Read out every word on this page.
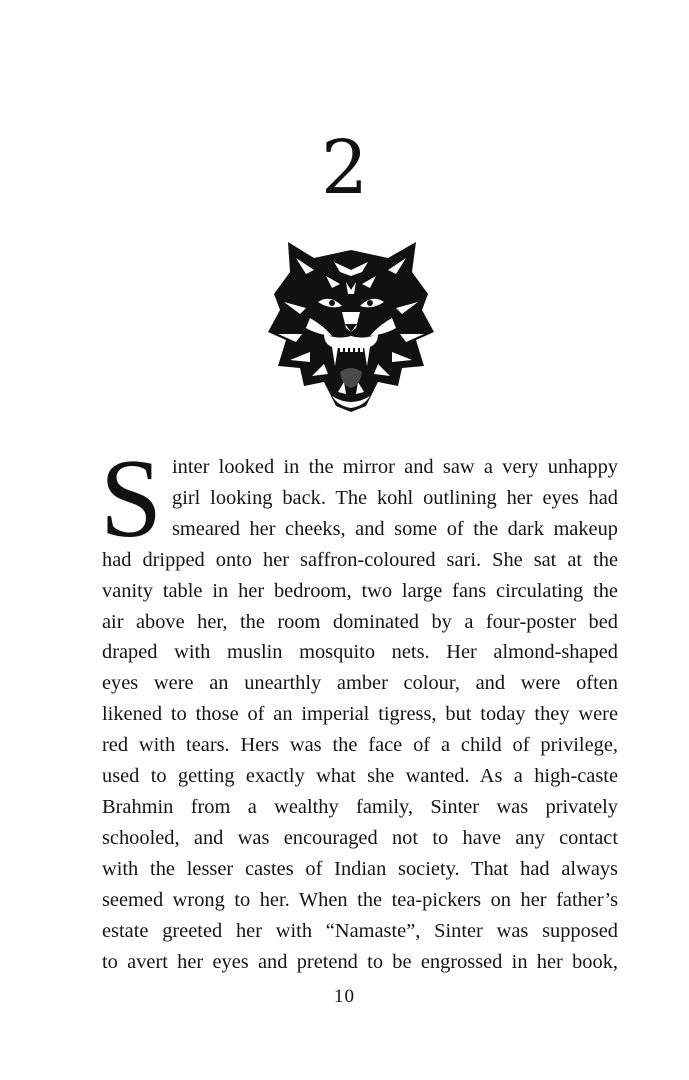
2
S inter looked in the mirror and saw a very unhappy
girl looking back. The kohl outlining her eyes had
smeared her cheeks, and some of the dark makeup
had dripped onto her saffron-coloured sari. She sat at the
vanity table in her bedroom, two large fans circulating the
air above her, the room dominated by a four-poster bed
draped with muslin mosquito nets. Her almond-shaped
eyes were an unearthly amber colour, and were often
likened to those of an imperial tigress, but today they were
red with tears. Hers was the face of a child of privilege,
used to getting exactly what she wanted. As a high-caste
Brahmin from a wealthy family, Sinter was privately
schooled, and was encouraged not to have any contact
with the lesser castes of Indian society. That had always
seemed wrong to her. When the tea-pickers on her father’s
estate greeted her with “Namaste”, Sinter was supposed
to avert her eyes and pretend to be engrossed in her book,
10
